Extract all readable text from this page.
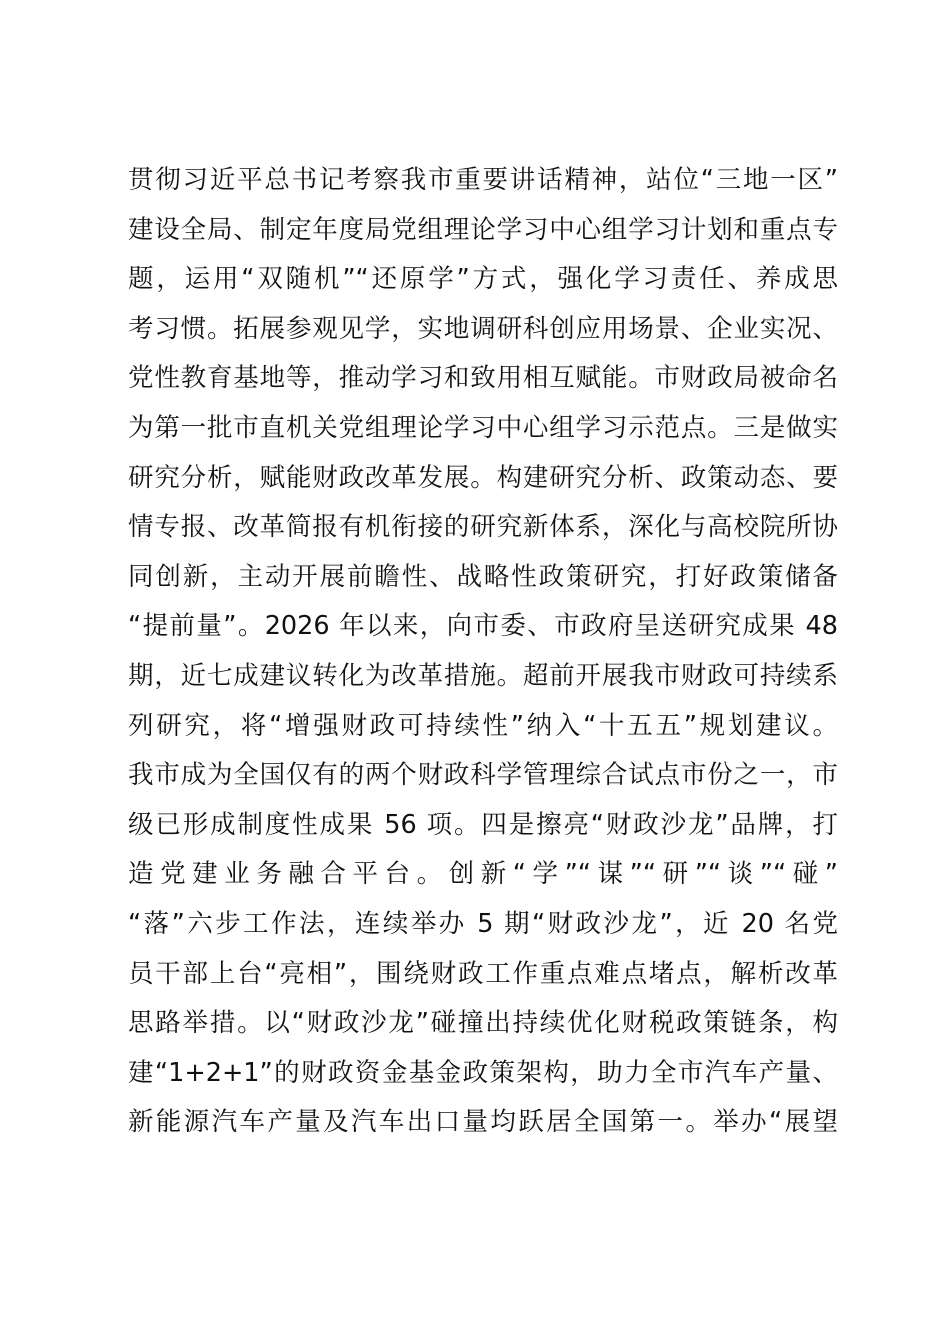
贯彻习近平总书记考察我市重要讲话精神，站位“三地一区”
建设全局、制定年度局党组理论学习中心组学习计划和重点专
题，运用“双随机”“还原学”方式，强化学习责任、养成思
考习惯。拓展参观见学，实地调研科创应用场景、企业实况、
党性教育基地等，推动学习和致用相互赋能。市财政局被命名
为第一批市直机关党组理论学习中心组学习示范点。三是做实
研究分析，赋能财政改革发展。构建研究分析、政策动态、要
情专报、改革简报有机衔接的研究新体系，深化与高校院所协
同创新，主动开展前瞻性、战略性政策研究，打好政策储备
“提前量”。2026 年以来，向市委、市政府呈送研究成果 48
期，近七成建议转化为改革措施。超前开展我市财政可持续系
列研究，将“增强财政可持续性”纳入“十五五”规划建议。
我市成为全国仅有的两个财政科学管理综合试点市份之一，市
级已形成制度性成果 56 项。四是擦亮“财政沙龙”品牌，打
造党建业务融合平台。创新“学”“谋”“研”“谈”“碰”
“落”六步工作法，连续举办 5 期“财政沙龙”，近 20 名党
员干部上台“亮相”，围绕财政工作重点难点堵点，解析改革
思路举措。以“财政沙龙”碰撞出持续优化财税政策链条，构
建“1+2+1”的财政资金基金政策架构，助力全市汽车产量、
新能源汽车产量及汽车出口量均跃居全国第一。举办“展望
